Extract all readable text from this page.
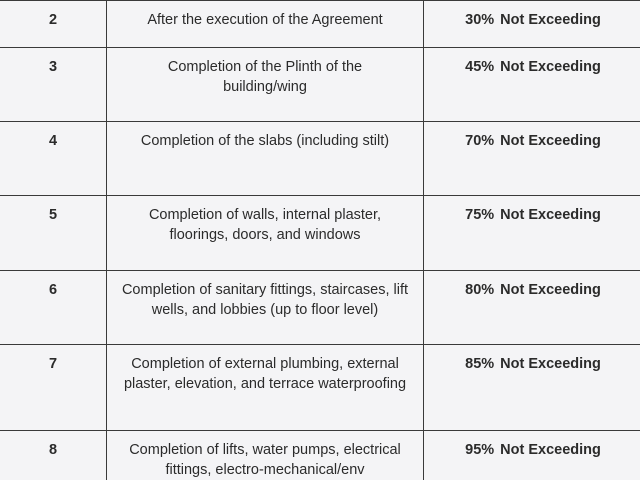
2	After the execution of the Agreement	30% Not Exceeding

3	Completion of the Plinth of the building/wing	45% Not Exceeding

4	Completion of the slabs (including stilt)	70% Not Exceeding

5	Completion of walls, internal plaster, floorings, doors, and windows	75% Not Exceeding

6	Completion of sanitary fittings, staircases, lift wells, and lobbies (up to floor level)	80% Not Exceeding

7	Completion of external plumbing, external plaster, elevation, and terrace waterproofing	85% Not Exceeding

8	Completion of lifts, water pumps, electrical fittings, electro-mechanical/env	95% Not Exceeding
